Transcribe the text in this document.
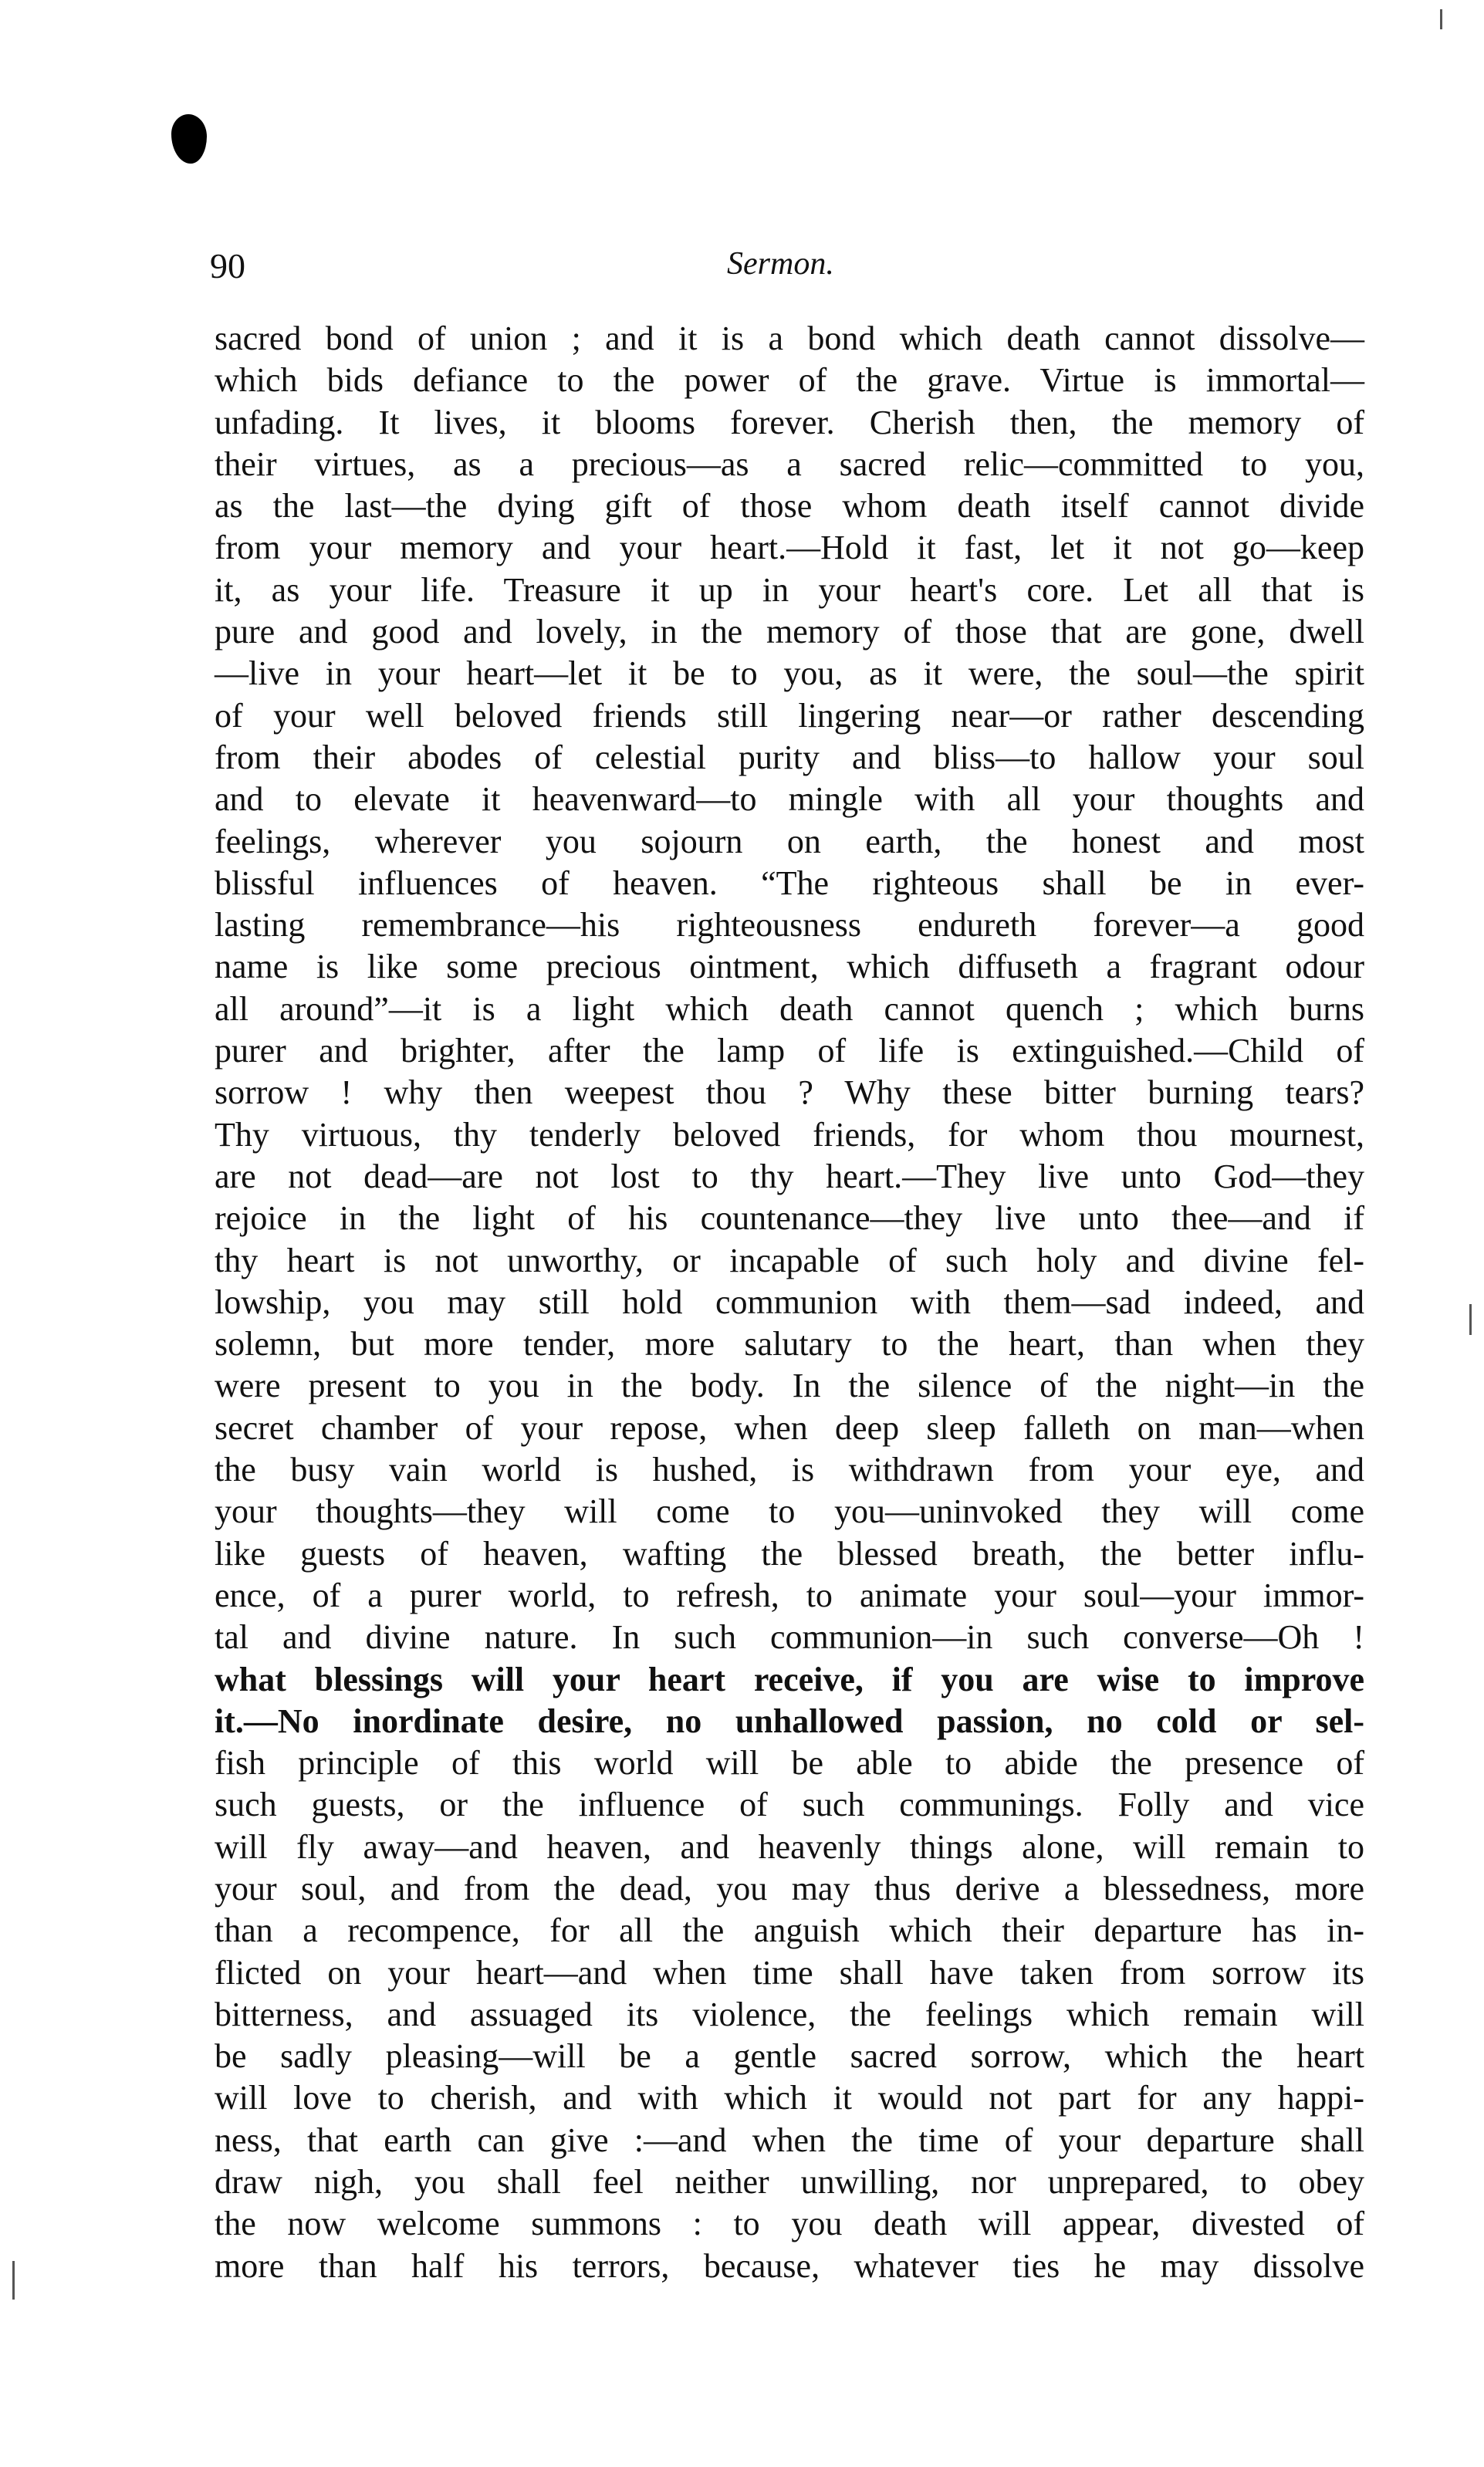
90	Sermon.
sacred bond of union ; and it is a bond which death cannot dissolve—
which bids defiance to the power of the grave. Virtue is immortal—
unfading. It lives, it blooms forever. Cherish then, the memory of
their virtues, as a precious—as a sacred relic—committed to you,
as the last—the dying gift of those whom death itself cannot divide
from your memory and your heart.—Hold it fast, let it not go—keep
it, as your life. Treasure it up in your heart's core. Let all that is
pure and good and lovely, in the memory of those that are gone, dwell
—live in your heart—let it be to you, as it were, the soul—the spirit
of your well beloved friends still lingering near—or rather descending
from their abodes of celestial purity and bliss—to hallow your soul
and to elevate it heavenward—to mingle with all your thoughts and
feelings, wherever you sojourn on earth, the honest and most
blissful influences of heaven. “The righteous shall be in ever-
lasting remembrance—his righteousness endureth forever—a good
name is like some precious ointment, which diffuseth a fragrant odour
all around”—it is a light which death cannot quench ; which burns
purer and brighter, after the lamp of life is extinguished.—Child of
sorrow ! why then weepest thou ? Why these bitter burning tears?
Thy virtuous, thy tenderly beloved friends, for whom thou mournest,
are not dead—are not lost to thy heart.—They live unto God—they
rejoice in the light of his countenance—they live unto thee—and if
thy heart is not unworthy, or incapable of such holy and divine fel-
lowship, you may still hold communion with them—sad indeed, and
solemn, but more tender, more salutary to the heart, than when they
were present to you in the body. In the silence of the night—in the
secret chamber of your repose, when deep sleep falleth on man—when
the busy vain world is hushed, is withdrawn from your eye, and
your thoughts—they will come to you—uninvoked they will come
like guests of heaven, wafting the blessed breath, the better influ-
ence, of a purer world, to refresh, to animate your soul—your immor-
tal and divine nature. In such communion—in such converse—Oh !
what blessings will your heart receive, if you are wise to improve
it.—No inordinate desire, no unhallowed passion, no cold or sel-
fish principle of this world will be able to abide the presence of
such guests, or the influence of such communings. Folly and vice
will fly away—and heaven, and heavenly things alone, will remain to
your soul, and from the dead, you may thus derive a blessedness, more
than a recompence, for all the anguish which their departure has in-
flicted on your heart—and when time shall have taken from sorrow its
bitterness, and assuaged its violence, the feelings which remain will
be sadly pleasing—will be a gentle sacred sorrow, which the heart
will love to cherish, and with which it would not part for any happi-
ness, that earth can give :—and when the time of your departure shall
draw nigh, you shall feel neither unwilling, nor unprepared, to obey
the now welcome summons : to you death will appear, divested of
more than half his terrors, because, whatever ties he may dissolve
